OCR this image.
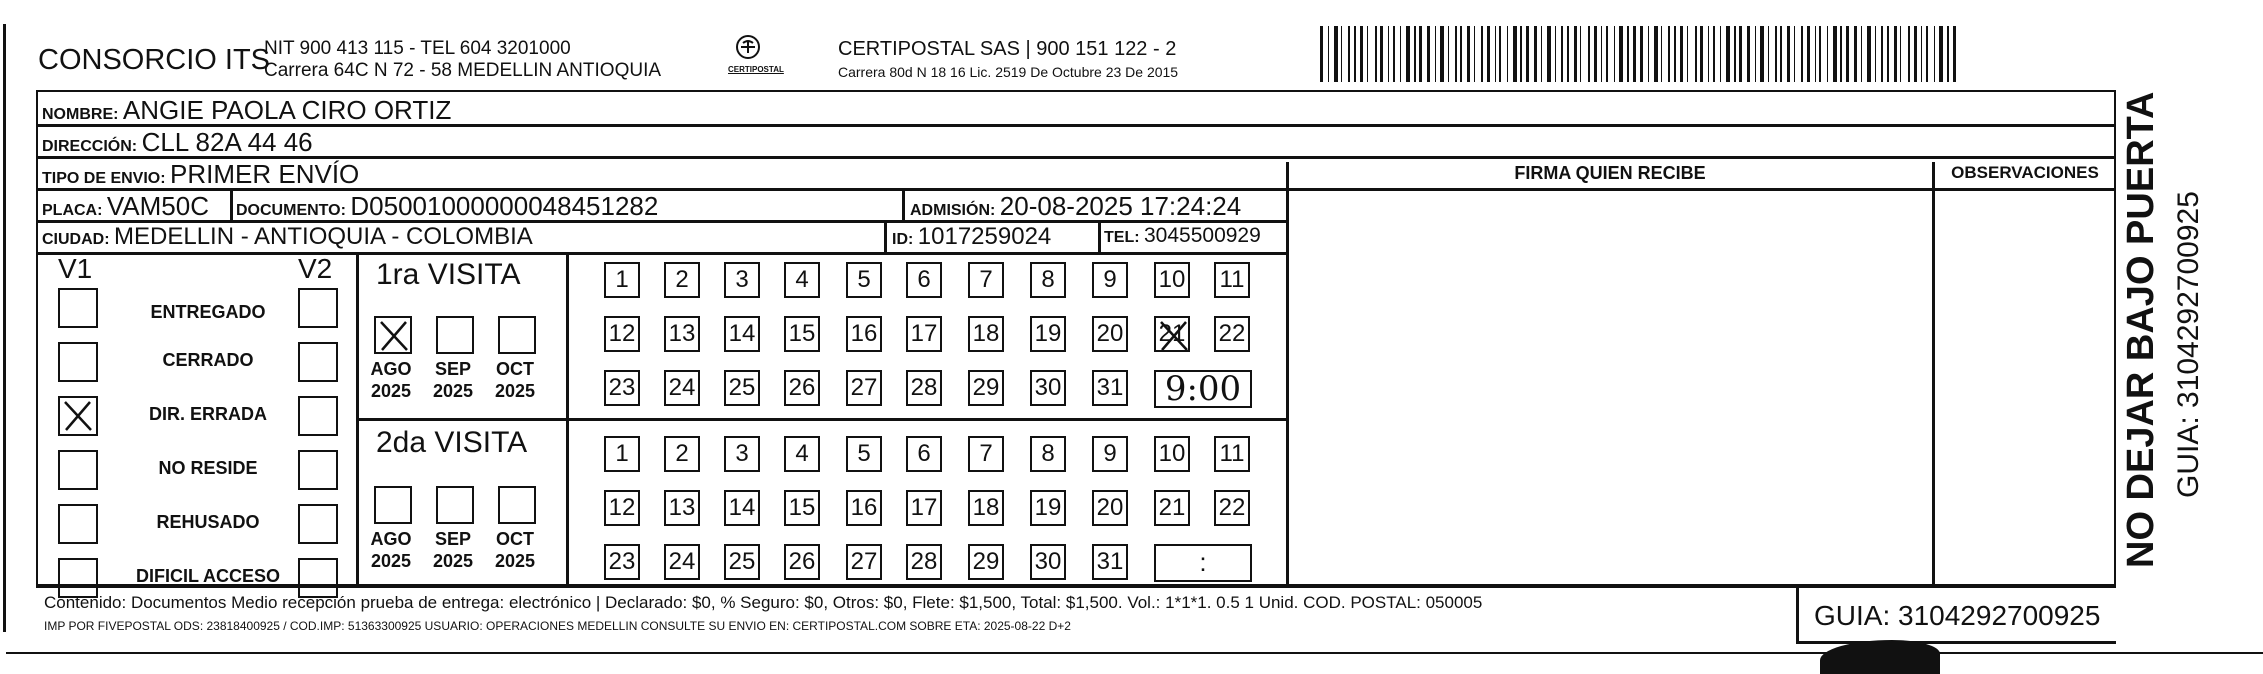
CONSORCIO ITS
NIT 900 413 115 - TEL 604 3201000
Carrera 64C N 72 - 58 MEDELLIN ANTIOQUIA	CERTIPOSTAL
CERTIPOSTAL SAS | 900 151 122 - 2
Carrera 80d N 18 16 Lic. 2519 De Octubre 23 De 2015
NOMBRE: ANGIE PAOLA CIRO ORTIZ
DIRECCIÓN: CLL 82A 44 46
TIPO DE ENVIO: PRIMER ENVÍO
PLACA: VAM50C DOCUMENTO: D05001000000048451282	ADMISIÓN: 20-08-2025 17:24:24
CIUDAD: MEDELLIN - ANTIOQUIA - COLOMBIA	ID: 1017259024	TEL: 3045500929
FIRMA QUIEN RECIBE	OBSERVACIONES
V1	V2
ENTREGADO
CERRADO
DIR. ERRADA
NO RESIDE
REHUSADO
DIFICIL ACCESO
1ra VISITA
2da VISITA
1	2	3	4	5	6	7	8	9	10 11
12 13 14 15 16 17 18 19 20 21 22
23 24 25 26 27 28 29 30 31	9:00
1	2	3	4	5	6	7	8	9	10 11
12 13 14 15 16 17 18 19 20 21 22
23 24 25 26 27 28 29 30 31	:
AGO
2025
SEP
2025
OCT
2025
AGO
2025
SEP
2025
OCT
2025
Contenido: Documentos Medio recepción prueba de entrega: electrónico | Declarado: $0, % Seguro: $0, Otros: $0, Flete: $1,500, Total: $1,500. Vol.: 1*1*1. 0.5 1 Unid. COD. POSTAL: 050005
IMP POR FIVEPOSTAL ODS: 23818400925 / COD.IMP: 51363300925 USUARIO: OPERACIONES MEDELLIN CONSULTE SU ENVIO EN: CERTIPOSTAL.COM SOBRE ETA: 2025-08-22 D+2	GUIA: 3104292700925
NO DEJAR BAJO PUERTA GUIA: 3104292700925
